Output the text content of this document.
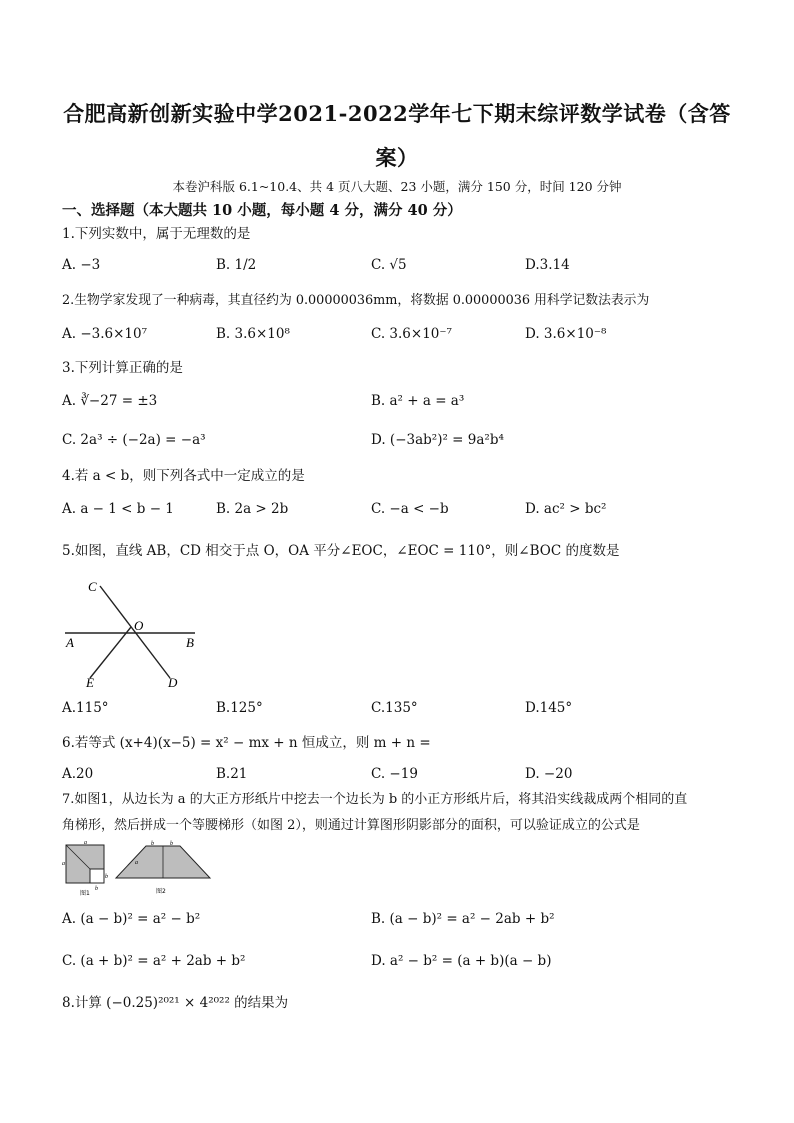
合肥高新创新实验中学2021-2022学年七下期末综评数学试卷（含答
案）
本卷沪科版 6.1~10.4、共 4 页八大题、23 小题，满分 150 分，时间 120 分钟
一、选择题（本大题共 10 小题，每小题 4 分，满分 40 分）
1.下列实数中，属于无理数的是
A. −3	B. 1/2	C. √5	D.3.14
2.生物学家发现了一种病毒，其直径约为 0.00000036mm，将数据 0.00000036 用科学记数法表示为
A. −3.6×10⁷	B. 3.6×10⁸	C. 3.6×10⁻⁷	D. 3.6×10⁻⁸
3.下列计算正确的是
A. ∛−27 = ±3	B. a² + a = a³
C. 2a³ ÷ (−2a) = −a³	D. (−3ab²)² = 9a²b⁴
4.若 a < b，则下列各式中一定成立的是
A. a − 1 < b − 1	B. 2a > 2b	C. −a < −b	D. ac² > bc²
5.如图，直线 AB，CD 相交于点 O，OA 平分∠EOC，∠EOC = 110°，则∠BOC 的度数是
C
O
A	B
E	D
A.115°	B.125°	C.135°	D.145°
6.若等式 (x+4)(x−5) = x² − mx + n 恒成立，则 m + n =
A.20	B.21	C. −19	D. −20
7.如图1，从边长为 a 的大正方形纸片中挖去一个边长为 b 的小正方形纸片后，将其沿实线裁成两个相同的直
角梯形，然后拼成一个等腰梯形（如图 2），则通过计算图形阴影部分的面积，可以验证成立的公式是
a
a
b
b
图1
b	b
a
图2
A. (a − b)² = a² − b²	B. (a − b)² = a² − 2ab + b²
C. (a + b)² = a² + 2ab + b²	D. a² − b² = (a + b)(a − b)
8.计算 (−0.25)²⁰²¹ × 4²⁰²² 的结果为
